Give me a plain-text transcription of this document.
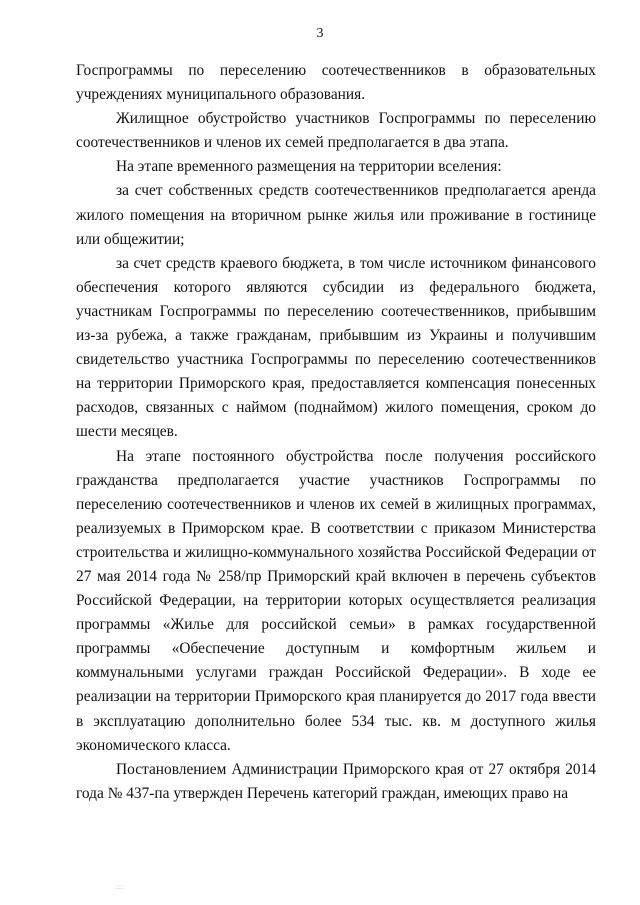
3

Госпрограммы по переселению соотечественников в образовательных учреждениях муниципального образования.

Жилищное обустройство участников Госпрограммы по переселению соотечественников и членов их семей предполагается в два этапа.

На этапе временного размещения на территории вселения:

за счет собственных средств соотечественников предполагается аренда жилого помещения на вторичном рынке жилья или проживание в гостинице или общежитии;

за счет средств краевого бюджета, в том числе источником финансового обеспечения которого являются субсидии из федерального бюджета, участникам Госпрограммы по переселению соотечественников, прибывшим из-за рубежа, а также гражданам, прибывшим из Украины и получившим свидетельство участника Госпрограммы по переселению соотечественников на территории Приморского края, предоставляется компенсация понесенных расходов, связанных с наймом (поднаймом) жилого помещения, сроком до шести месяцев.

На этапе постоянного обустройства после получения российского гражданства предполагается участие участников Госпрограммы по переселению соотечественников и членов их семей в жилищных программах, реализуемых в Приморском крае. В соответствии с приказом Министерства строительства и жилищно-коммунального хозяйства Российской Федерации от 27 мая 2014 года № 258/пр Приморский край включен в перечень субъектов Российской Федерации, на территории которых осуществляется реализация программы «Жилье для российской семьи» в рамках государственной программы «Обеспечение доступным и комфортным жильем и коммунальными услугами граждан Российской Федерации». В ходе ее реализации на территории Приморского края планируется до 2017 года ввести в эксплуатацию дополнительно более 534 тыс. кв. м доступного жилья экономического класса.

Постановлением Администрации Приморского края от 27 октября 2014 года № 437-па утвержден Перечень категорий граждан, имеющих право на

:::
